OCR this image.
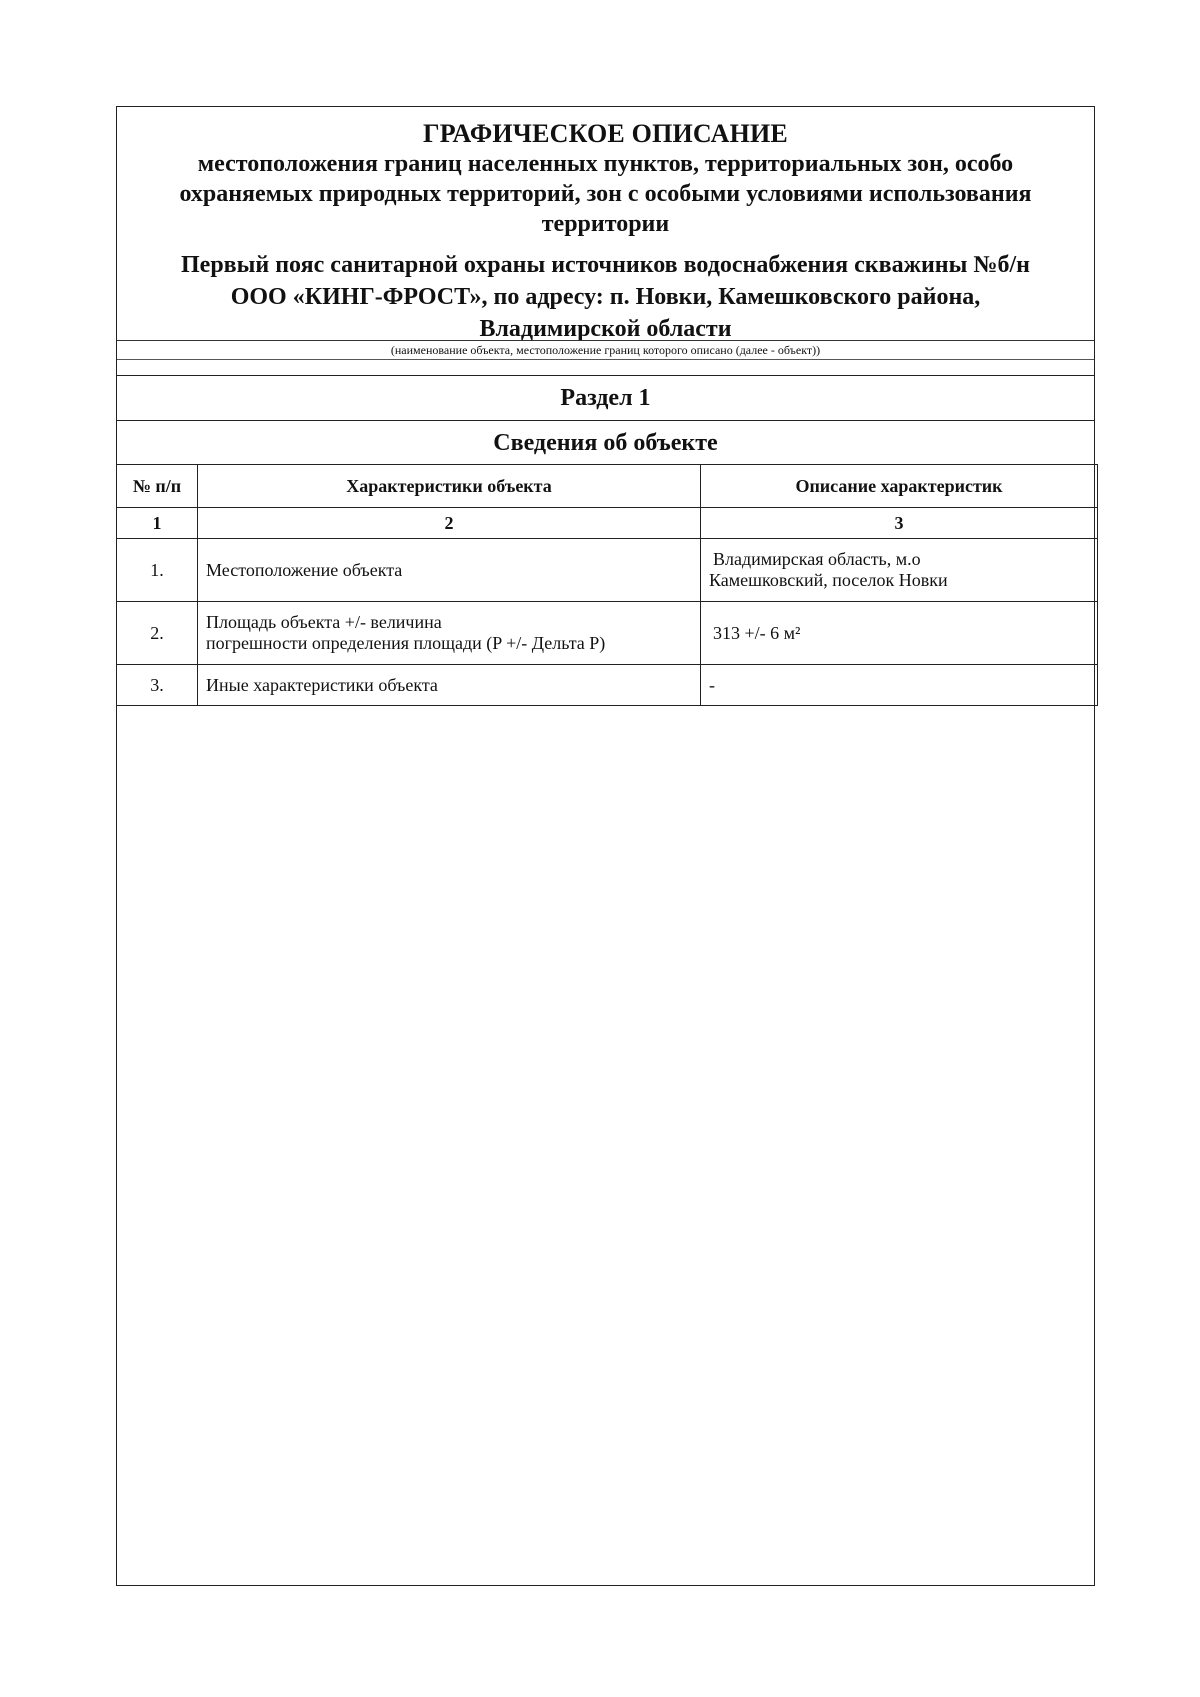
ГРАФИЧЕСКОЕ ОПИСАНИЕ
местоположения границ населенных пунктов, территориальных зон, особо
охраняемых природных территорий, зон с особыми условиями использования
территории
Первый пояс санитарной охраны источников водоснабжения скважины №б/н
ООО «КИНГ-ФРОСТ», по адресу: п. Новки, Камешковского района,
Владимирской области
(наименование объекта, местоположение границ которого описано (далее - объект))
Раздел 1
Сведения об объекте
№ п/п	Характеристики объекта	Описание характеристик
1	2	3
1.	Местоположение объекта	Владимирская область, м.о
Камешковский, поселок Новки

2.	Площадь объекта +/- величина
погрешности определения площади (P +/- Дельта P)	313 +/- 6 м²

3.	Иные характеристики объекта	-
